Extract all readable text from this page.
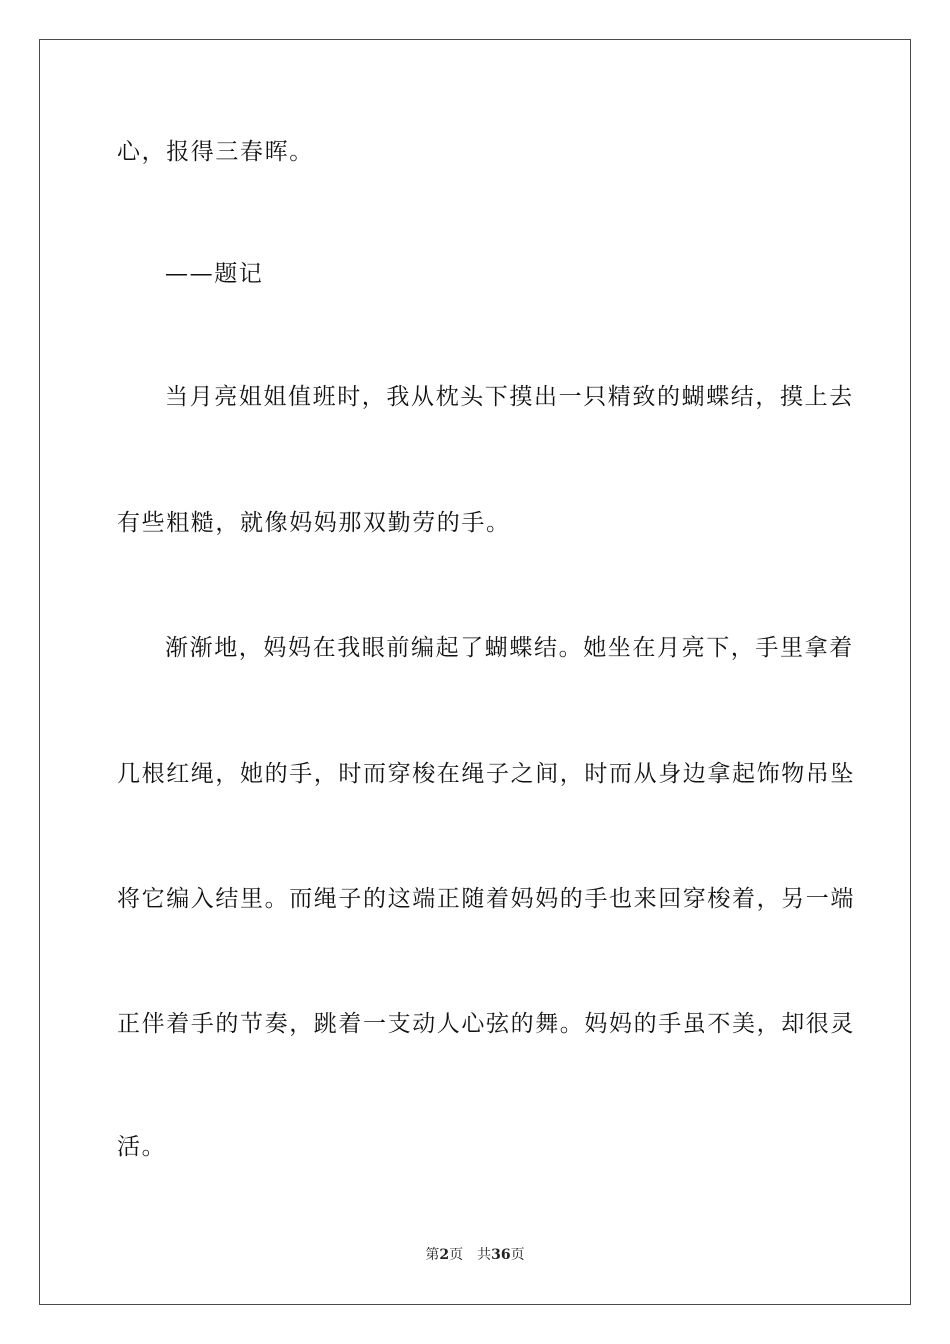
心，报得三春晖。
——题记
当月亮姐姐值班时，我从枕头下摸出一只精致的蝴蝶结，摸上去
有些粗糙，就像妈妈那双勤劳的手。
渐渐地，妈妈在我眼前编起了蝴蝶结。她坐在月亮下，手里拿着
几根红绳，她的手，时而穿梭在绳子之间，时而从身边拿起饰物吊坠
将它编入结里。而绳子的这端正随着妈妈的手也来回穿梭着，另一端
正伴着手的节奏，跳着一支动人心弦的舞。妈妈的手虽不美，却很灵
活。
第2页 共36页
